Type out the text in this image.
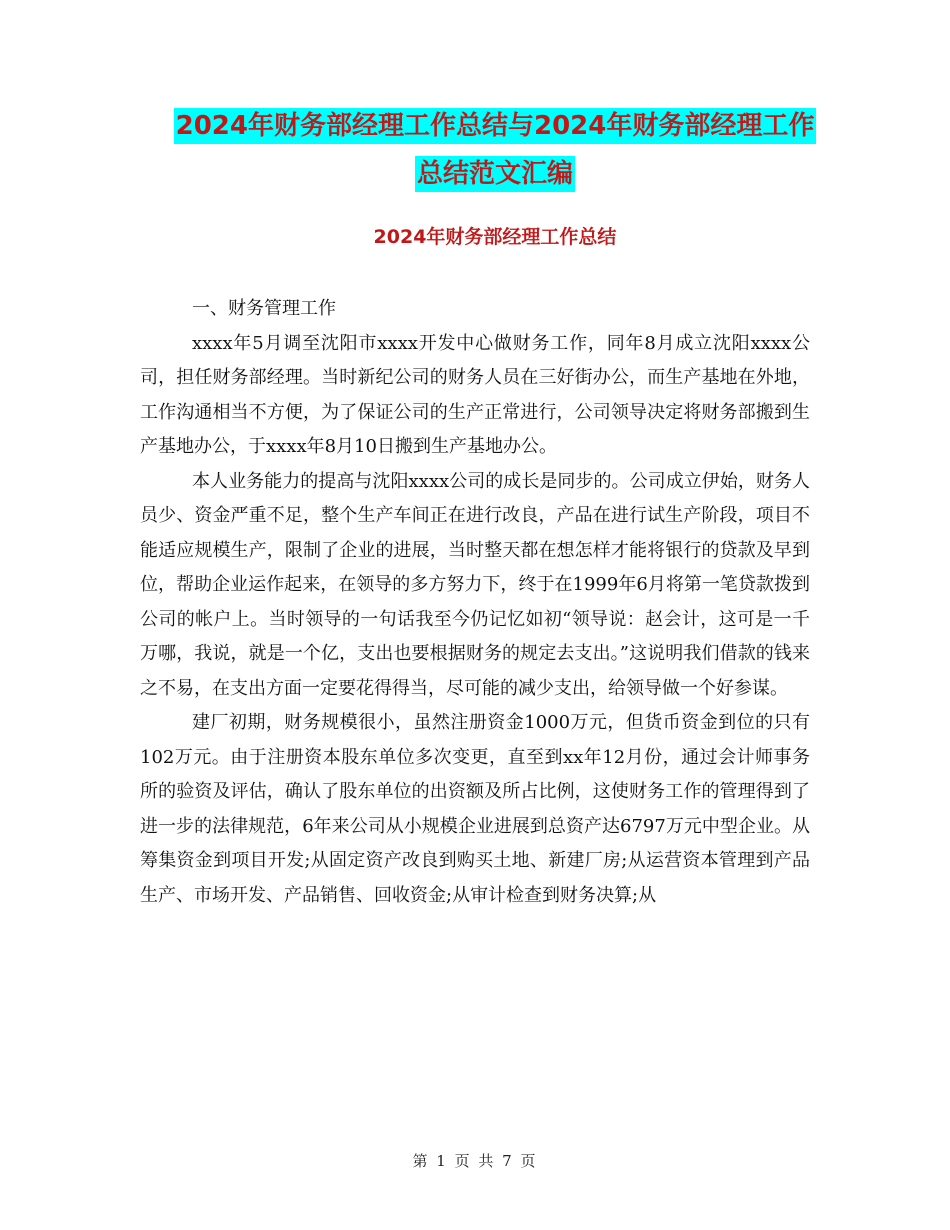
2024年财务部经理工作总结与2024年财务部经理工作
总结范文汇编
2024年财务部经理工作总结

一、财务管理工作

xxxx年5月调至沈阳市xxxx开发中心做财务工作，同年8月成立沈阳xxxx公司，担任财务部经理。当时新纪公司的财务人员在三好街办公，而生产基地在外地，工作沟通相当不方便，为了保证公司的生产正常进行，公司领导决定将财务部搬到生产基地办公，于xxxx年8月10日搬到生产基地办公。

本人业务能力的提高与沈阳xxxx公司的成长是同步的。公司成立伊始，财务人员少、资金严重不足，整个生产车间正在进行改良，产品在进行试生产阶段，项目不能适应规模生产，限制了企业的进展，当时整天都在想怎样才能将银行的贷款及早到位，帮助企业运作起来，在领导的多方努力下，终于在1999年6月将第一笔贷款拨到公司的帐户上。当时领导的一句话我至今仍记忆如初“领导说：赵会计，这可是一千万哪，我说，就是一个亿，支出也要根据财务的规定去支出。”这说明我们借款的钱来之不易，在支出方面一定要花得得当，尽可能的减少支出，给领导做一个好参谋。

建厂初期，财务规模很小，虽然注册资金1000万元，但货币资金到位的只有102万元。由于注册资本股东单位多次变更，直至到xx年12月份，通过会计师事务所的验资及评估，确认了股东单位的出资额及所占比例，这使财务工作的管理得到了进一步的法律规范，6年来公司从小规模企业进展到总资产达6797万元中型企业。从筹集资金到项目开发;从固定资产改良到购买土地、新建厂房;从运营资本管理到产品生产、市场开发、产品销售、回收资金;从审计检查到财务决算;从

第 1 页 共 7 页
